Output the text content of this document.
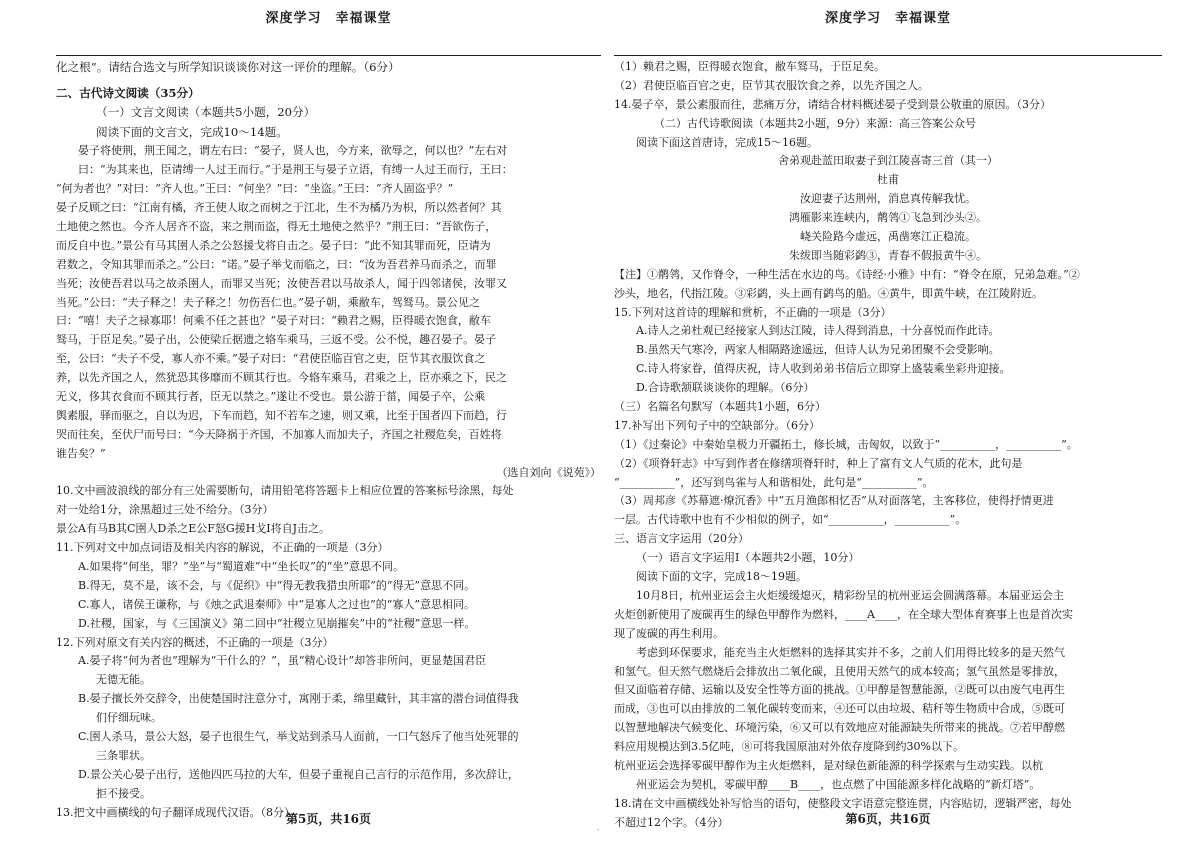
深度学习　幸福课堂
化之根”。请结合选文与所学知识谈谈你对这一评价的理解。（6分）
二、古代诗文阅读（35分）
（一）文言文阅读（本题共5小题，20分）
阅读下面的文言文，完成10～14题。
晏子将使荆，荆王闻之，谓左右曰：“晏子，贤人也，今方来，欲辱之，何以也？”左右对
曰：“为其来也，臣请缚一人过王而行。”于是荆王与晏子立语，有缚一人过王而行，王曰：
“何为者也？”对曰：“齐人也。”王曰：“何坐？”曰：“坐盗。”王曰：“齐人固盗乎？”
晏子反顾之曰：“江南有橘，齐王使人取之而树之于江北，生不为橘乃为枳，所以然者何？其
土地使之然也。今齐人居齐不盗，来之荆而盗，得无土地使之然乎？”荆王曰：“吾欲伤子，
而反自中也。”景公有马其圉人杀之公怒援戈将自击之。晏子曰：“此不知其罪而死，臣请为
君数之，令知其罪而杀之。”公曰：“诺。”晏子举戈而临之，曰：“汝为吾君养马而杀之，而罪
当死；汝使吾君以马之故杀圉人，而罪又当死；汝使吾君以马故杀人，闻于四邻诸侯，汝罪又
当死。”公曰：“夫子释之！夫子释之！勿伤吾仁也。”晏子朝，乘敝车，驾驽马。景公见之
曰：“嘻！夫子之禄寡耶！何乘不任之甚也？”晏子对曰：“赖君之赐，臣得暖衣饱食，敝车
驽马，于臣足矣。”晏子出，公使梁丘据遗之辂车乘马，三返不受。公不悦，趣召晏子。晏子
至，公曰：“夫子不受，寡人亦不乘。”晏子对曰：“君使臣临百官之吏，臣节其衣服饮食之
养，以先齐国之人，然犹恐其侈靡而不顾其行也。今辂车乘马，君乘之上，臣亦乘之下，民之
无义，侈其衣食而不顾其行者，臣无以禁之。”遂让不受也。景公游于菑，闻晏子卒，公乘
舆素服，驿而驱之，自以为迟，下车而趋，知不若车之速，则又乘，比至于国者四下而趋，行
哭而往矣，至伏尸而号曰：“今天降祸于齐国，不加寡人而加夫子，齐国之社稷危矣，百姓将
谁告矣？”
（选自刘向《说苑》）
10.文中画波浪线的部分有三处需要断句，请用铅笔将答题卡上相应位置的答案标号涂黑，每处
对一处给1分，涂黑超过三处不给分。（3分）
景公A有马B其C圉人D杀之E公F怒G援H戈I将自J击之。
11.下列对文中加点词语及相关内容的解说，不正确的一项是（3分）
A.如果将“何坐，罪？”坐”与“蜀道难”中“坐长叹”的“坐”意思不同。
B.得无，莫不是，该不会，与《促织》中“得无教我猎虫所耶”的“得无”意思不同。
C.寡人，诸侯王谦称，与《烛之武退秦师》中“是寡人之过也”的“寡人”意思相同。
D.社稷，国家，与《三国演义》第二回中“社稷立见崩摧矣”中的“社稷”意思一样。
12.下列对原文有关内容的概述，不正确的一项是（3分）
A.晏子将“何为者也”理解为“干什么的？”，虽“精心设计”却答非所问，更显楚国君臣
无德无能。
B.晏子擅长外交辞令，出使楚国时注意分寸，寓刚于柔，绵里藏针，其丰富的潜台词值得我
们仔细玩味。
C.圉人杀马，景公大怒，晏子也很生气，举戈站到杀马人面前，一口气怒斥了他当处死罪的
三条罪状。
D.景公关心晏子出行，送他四匹马拉的大车，但晏子重视自己言行的示范作用，多次辞让，
拒不接受。
13.把文中画横线的句子翻译成现代汉语。（8分）
第5页，共16页
深度学习　幸福课堂
（1）赖君之赐，臣得暖衣饱食，敝车驽马，于臣足矣。
（2）君使臣临百官之吏，臣节其衣服饮食之养，以先齐国之人。
14.晏子卒，景公素服而往，悲痛万分，请结合材料概述晏子受到景公敬重的原因。（3分）
（二）古代诗歌阅读（本题共2小题，9分）来源：高三答案公众号
阅读下面这首唐诗，完成15～16题。
舍弟观赴蓝田取妻子到江陵喜寄三首（其一）
杜甫
汝迎妻子达荆州，消息真传解我忧。
鸿雁影来连峡内，鹡鸰①飞急到沙头②。
峣关险路今虚远，禹凿寒江正稳流。
朱绂即当随彩鹢③，青春不假报黄牛④。
【注】①鹡鸰，又作脊令，一种生活在水边的鸟。《诗经·小雅》中有：“脊令在原，兄弟急难。”②
沙头，地名，代指江陵。③彩鹢，头上画有鹢鸟的船。④黄牛，即黄牛峡，在江陵附近。
15.下列对这首诗的理解和赏析，不正确的一项是（3分）
A.诗人之弟杜观已经接家人到达江陵，诗人得到消息，十分喜悦而作此诗。
B.虽然天气寒冷，两家人相隔路途遥远，但诗人认为兄弟团聚不会受影响。
C.诗人将家眷，值得庆祝，诗人收到弟弟书信后立即穿上盛装乘坐彩舟迎接。
D.合诗歌颔联谈谈你的理解。（6分）
（三）名篇名句默写（本题共1小题，6分）
17.补写出下列句子中的空缺部分。（6分）
（1）《过秦论》中秦始皇极力开疆拓土，修长城，击匈奴，以致于“__________，__________”。
（2）《项脊轩志》中写到作者在修缮项脊轩时，种上了富有文人气质的花木，此句是
“__________”，还写到鸟雀与人和谐相处，此句是“__________”。
（3）周邦彦《苏幕遮·燎沉香》中“五月渔郎相忆否”从对面落笔，主客移位，使得抒情更进
一层。古代诗歌中也有不少相似的例子，如“__________，__________”。
三、语言文字运用（20分）
（一）语言文字运用Ⅰ（本题共2小题，10分）
阅读下面的文字，完成18～19题。
10月8日，杭州亚运会主火炬缓缓熄灭，精彩纷呈的杭州亚运会圆满落幕。本届亚运会主
火炬创新使用了废碳再生的绿色甲醇作为燃料，____A____，在全球大型体育赛事上也是首次实
现了废碳的再生利用。
考虑到环保要求，能充当主火炬燃料的选择其实并不多，之前人们用得比较多的是天然气
和氢气。但天然气燃烧后会排放出二氧化碳，且使用天然气的成本较高；氢气虽然是零排放，
但又面临着存储、运输以及安全性等方面的挑战。①甲醇是智慧能源，②既可以由废气电再生
而成，③也可以由排放的二氧化碳转变而来，④还可以由垃圾、秸秆等生物质中合成，⑤既可
以智慧地解决气候变化、环境污染，⑥又可以有效地应对能源缺失所带来的挑战。⑦若甲醇燃
料应用规模达到3.5亿吨，⑧可将我国原油对外依存度降到约30%以下。
杭州亚运会选择零碳甲醇作为主火炬燃料，是对绿色新能源的科学探索与生动实践。以杭
州亚运会为契机，零碳甲醇____B____，也点燃了中国能源多样化战略的“新灯塔”。
18.请在文中画横线处补写恰当的语句，使整段文字语意完整连贯，内容贴切，逻辑严密，每处
不超过12个字。（4分）	第6页，共16页
·
